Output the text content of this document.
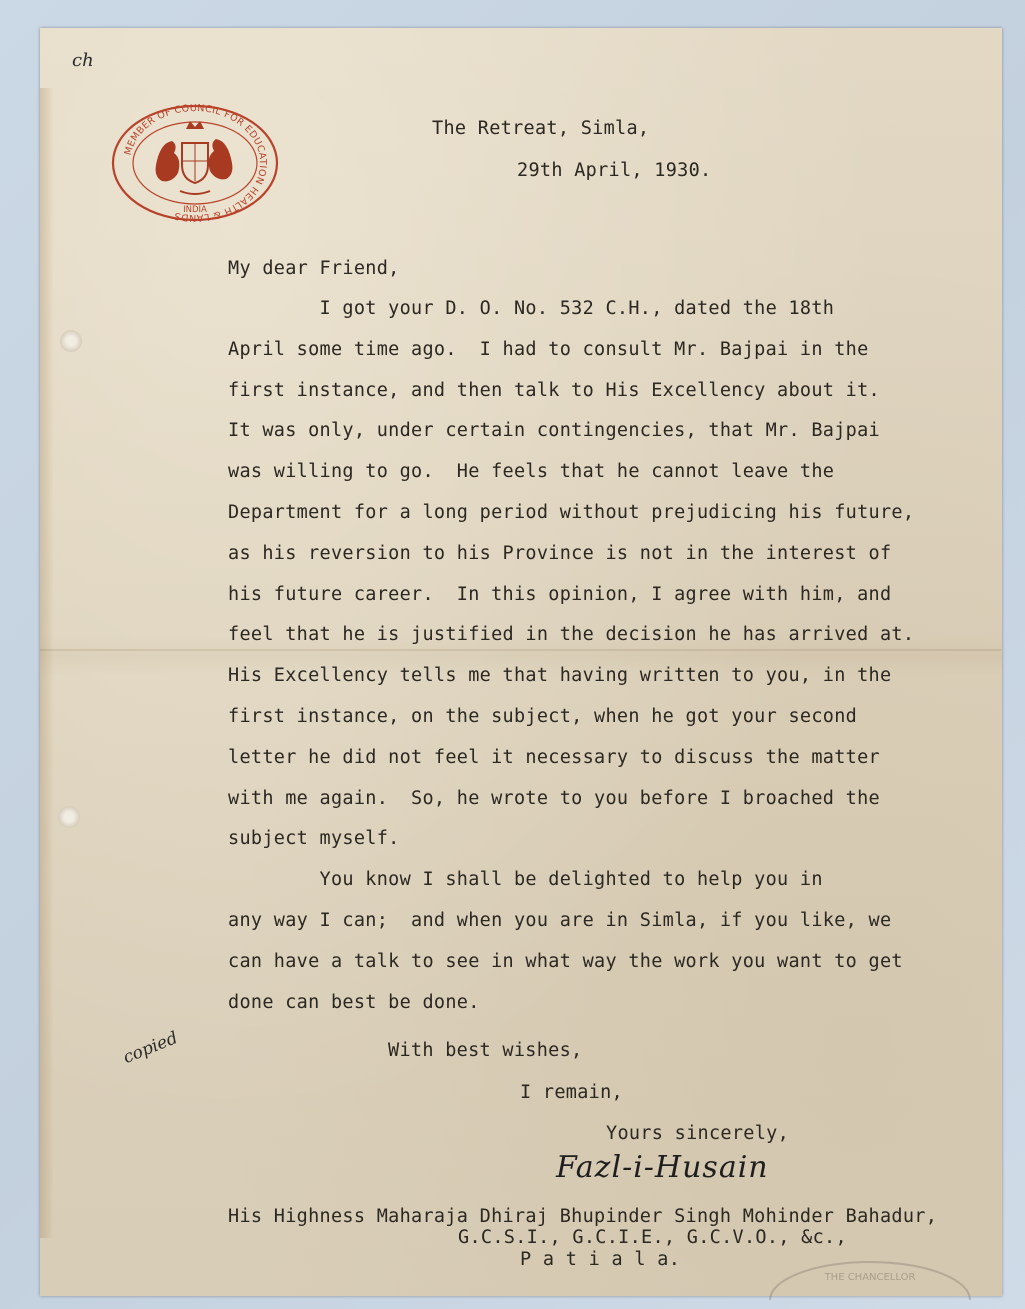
ch
MEMBER OF COUNCIL FOR EDUCATION HEALTH & LANDS INDIA
The Retreat, Simla,
29th April, 1930.
My dear Friend,
I got your D. O. No. 532 C.H., dated the 18th
April some time ago.  I had to consult Mr. Bajpai in the
first instance, and then talk to His Excellency about it.
It was only, under certain contingencies, that Mr. Bajpai
was willing to go.  He feels that he cannot leave the
Department for a long period without prejudicing his future,
as his reversion to his Province is not in the interest of
his future career.  In this opinion, I agree with him, and
feel that he is justified in the decision he has arrived at.
His Excellency tells me that having written to you, in the
first instance, on the subject, when he got your second
letter he did not feel it necessary to discuss the matter
with me again.  So, he wrote to you before I broached the
subject myself.
You know I shall be delighted to help you in
any way I can;  and when you are in Simla, if you like, we
can have a talk to see in what way the work you want to get
done can best be done.
copied	With best wishes,
I remain,
Yours sincerely,
Fazl-i-Husain
His Highness Maharaja Dhiraj Bhupinder Singh Mohinder Bahadur,
G.C.S.I., G.C.I.E., G.C.V.O., &c.,
P a t i a l a.
THE CHANCELLOR
